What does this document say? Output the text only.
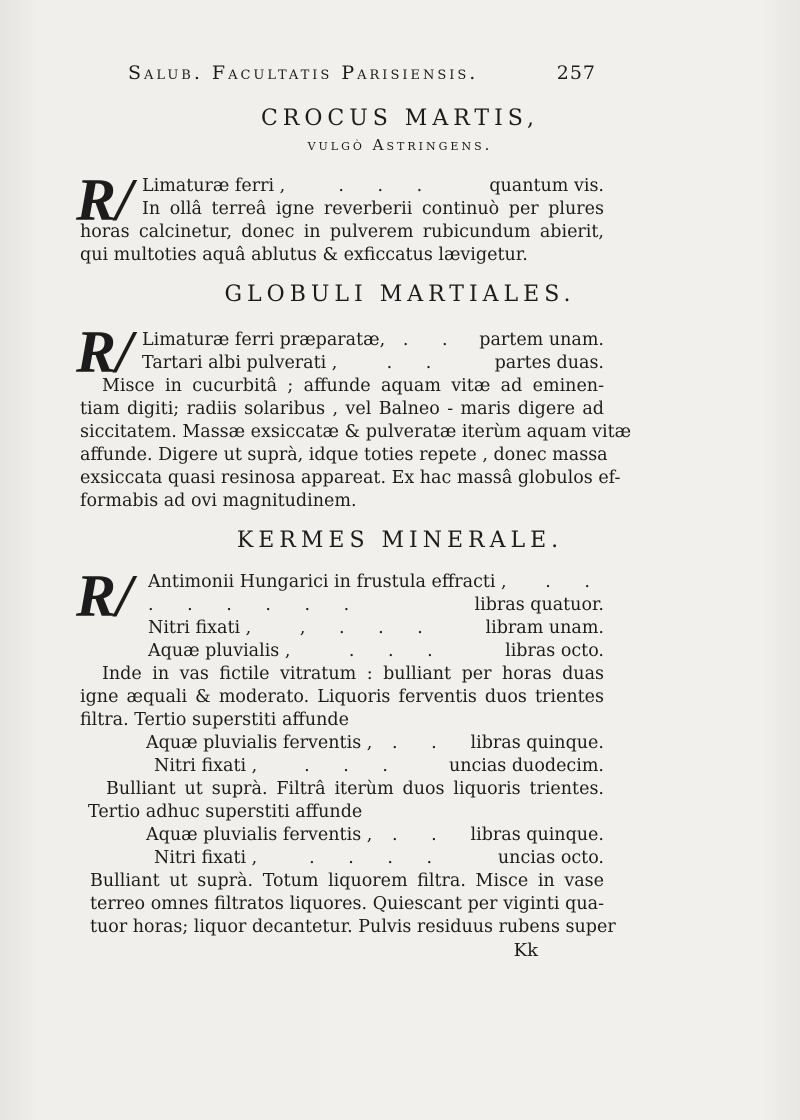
Salub. Facultatis Parisiensis.	257
CROCUS MARTIS,
vulgò Astringens.
R/ Limaturæ ferri ,	. . .	quantum vis.
In ollâ terreâ igne reverberii continuò per plures
horas calcinetur, donec in pulverem rubicundum abierit,
qui multoties aquâ ablutus & exficcatus lævigetur.
GLOBULI MARTIALES.
R/ Limaturæ ferri præparatæ, . . partem unam.
Tartari albi pulverati ,	. .	partes duas.
Misce in cucurbitâ ; affunde aquam vitæ ad eminen-
tiam digiti; radiis solaribus , vel Balneo - maris digere ad
siccitatem. Massæ exsiccatæ & pulveratæ iterùm aquam vitæ
affunde. Digere ut suprà, idque toties repete , donec massa
exsiccata quasi resinosa appareat. Ex hac massâ globulos ef-
formabis ad ovi magnitudinem.
KERMES MINERALE.
R/ Antimonii Hungarici in frustula effracti , . .
. . . . . .	libras quatuor.
Nitri fixati ,	, . . .	libram unam.
Aquæ pluvialis ,	. . .	libras octo.
Inde in vas fictile vitratum : bulliant per horas duas
igne æquali & moderato. Liquoris ferventis duos trientes
filtra. Tertio superstiti affunde
Aquæ pluvialis ferventis , . . libras quinque.
Nitri fixati ,	. . .	uncias duodecim.
Bulliant ut suprà. Filtrâ iterùm duos liquoris trientes.
Tertio adhuc superstiti affunde
Aquæ pluvialis ferventis , . . libras quinque.
Nitri fixati ,	. . . .	uncias octo.
Bulliant ut suprà. Totum liquorem filtra. Misce in vase
terreo omnes filtratos liquores. Quiescant per viginti qua-
tuor horas; liquor decantetur. Pulvis residuus rubens super
Kk
